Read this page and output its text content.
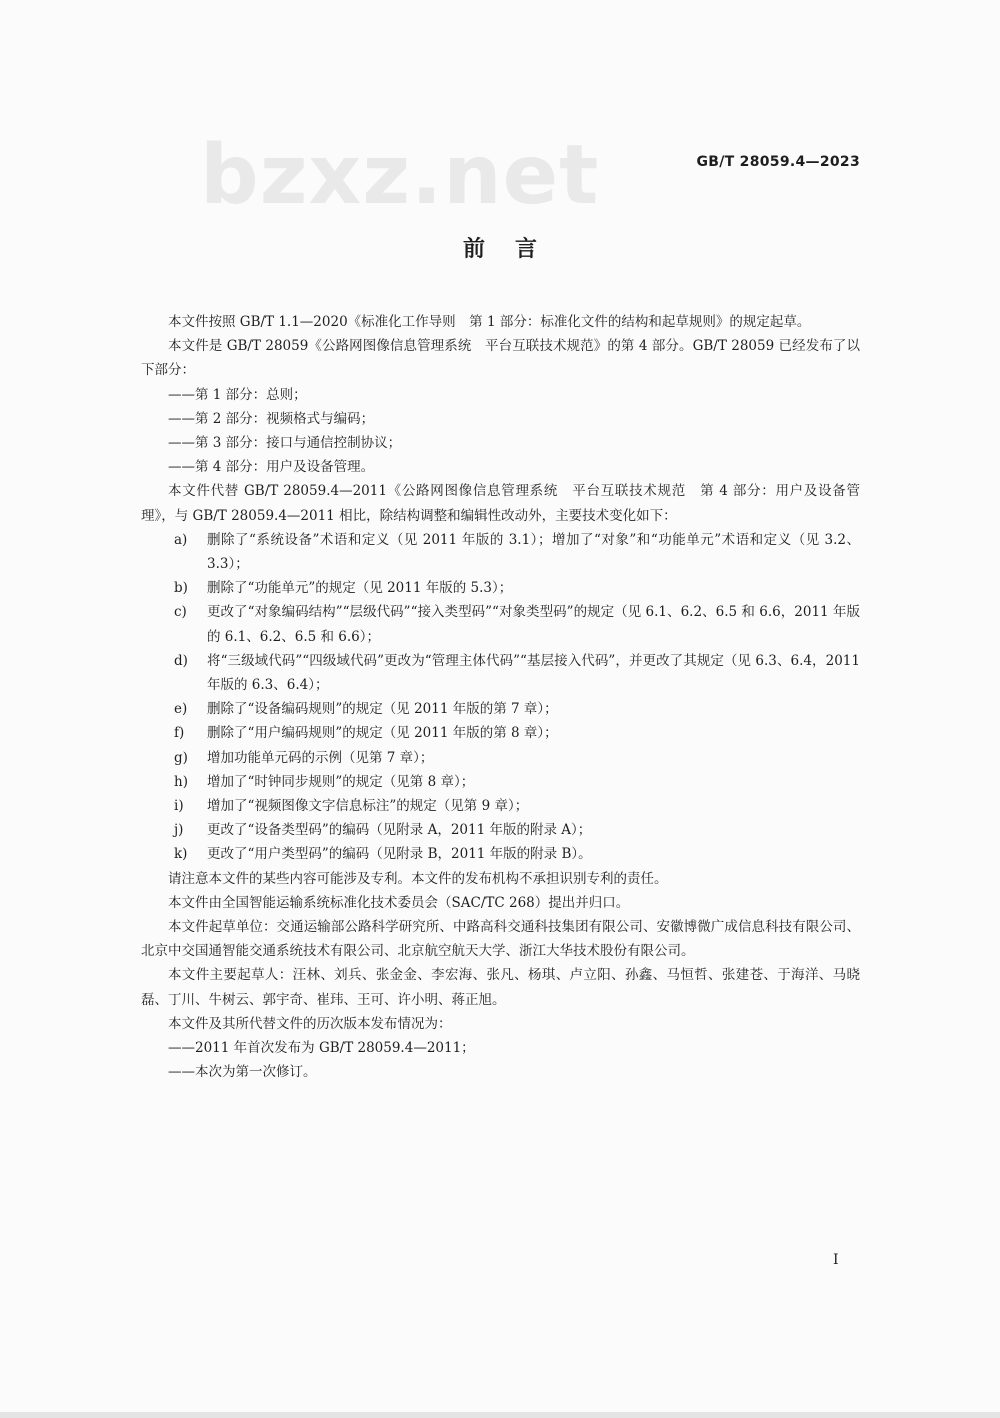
bzxz.net	GB/T 28059.4—2023
前言

本文件按照 GB/T 1.1—2020《标准化工作导则　第 1 部分：标准化文件的结构和起草规则》的规定起草。

本文件是 GB/T 28059《公路网图像信息管理系统　平台互联技术规范》的第 4 部分。GB/T 28059 已经发布了以下部分：

——第 1 部分：总则；

——第 2 部分：视频格式与编码；

——第 3 部分：接口与通信控制协议；

——第 4 部分：用户及设备管理。

本文件代替 GB/T 28059.4—2011《公路网图像信息管理系统　平台互联技术规范　第 4 部分：用户及设备管理》，与 GB/T 28059.4—2011 相比，除结构调整和编辑性改动外，主要技术变化如下：

a)	删除了“系统设备”术语和定义（见 2011 年版的 3.1）；增加了“对象”和“功能单元”术语和定义（见 3.2、3.3）；
b)	删除了“功能单元”的规定（见 2011 年版的 5.3）；
c)	更改了“对象编码结构”“层级代码”“接入类型码”“对象类型码”的规定（见 6.1、6.2、6.5 和 6.6，2011 年版的 6.1、6.2、6.5 和 6.6）；
d)	将“三级域代码”“四级域代码”更改为“管理主体代码”“基层接入代码”，并更改了其规定（见 6.3、6.4，2011 年版的 6.3、6.4）；
e)	删除了“设备编码规则”的规定（见 2011 年版的第 7 章）；
f)	删除了“用户编码规则”的规定（见 2011 年版的第 8 章）；
g)	增加功能单元码的示例（见第 7 章）；
h)	增加了“时钟同步规则”的规定（见第 8 章）；
i)	增加了“视频图像文字信息标注”的规定（见第 9 章）；
j)	更改了“设备类型码”的编码（见附录 A，2011 年版的附录 A）；
k)	更改了“用户类型码”的编码（见附录 B，2011 年版的附录 B）。

请注意本文件的某些内容可能涉及专利。本文件的发布机构不承担识别专利的责任。

本文件由全国智能运输系统标准化技术委员会（SAC/TC 268）提出并归口。

本文件起草单位：交通运输部公路科学研究所、中路高科交通科技集团有限公司、安徽博微广成信息科技有限公司、北京中交国通智能交通系统技术有限公司、北京航空航天大学、浙江大华技术股份有限公司。

本文件主要起草人：汪林、刘兵、张金金、李宏海、张凡、杨琪、卢立阳、孙鑫、马恒哲、张建苍、于海洋、马晓磊、丁川、牛树云、郭宇奇、崔玮、王可、许小明、蒋正旭。

本文件及其所代替文件的历次版本发布情况为：

——2011 年首次发布为 GB/T 28059.4—2011；

——本次为第一次修订。

I
